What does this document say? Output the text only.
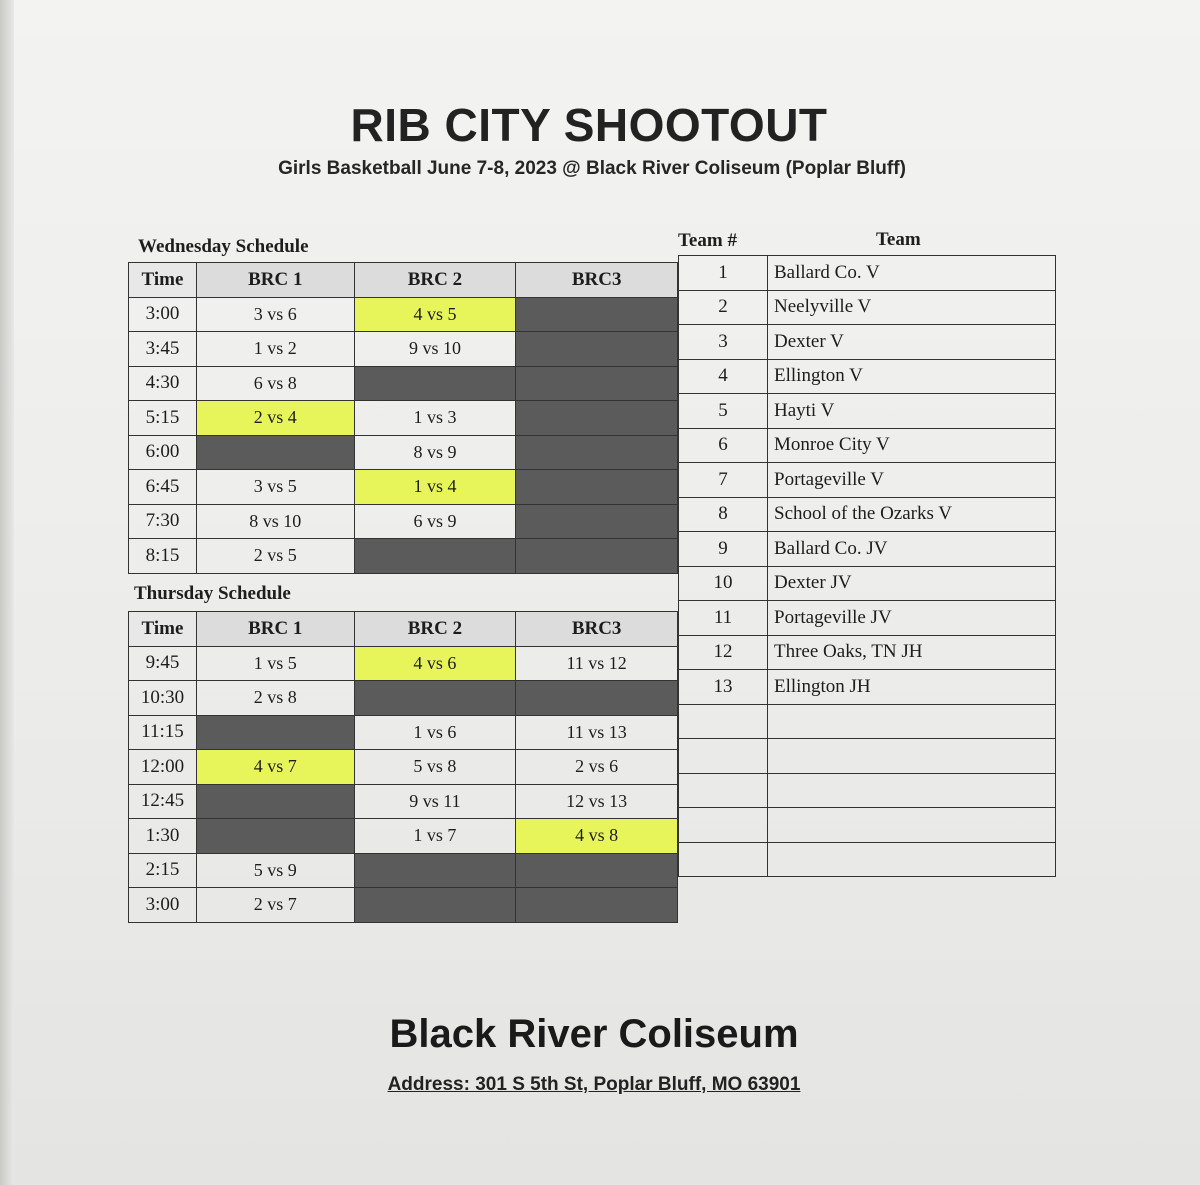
RIB CITY SHOOTOUT
Girls Basketball June 7-8, 2023 @ Black River Coliseum (Poplar Bluff)
Wednesday Schedule
Time	BRC 1	BRC 2	BRC3
3:00	3 vs 6	4 vs 5	
3:45	1 vs 2	9 vs 10	
4:30	6 vs 8		
5:15	2 vs 4	1 vs 3	
6:00		8 vs 9	
6:45	3 vs 5	1 vs 4	
7:30	8 vs 10	6 vs 9	
8:15	2 vs 5		
Thursday Schedule
Time	BRC 1	BRC 2	BRC3
9:45	1 vs 5	4 vs 6	11 vs 12
10:30	2 vs 8		
11:15		1 vs 6	11 vs 13
12:00	4 vs 7	5 vs 8	2 vs 6
12:45		9 vs 11	12 vs 13
1:30		1 vs 7	4 vs 8
2:15	5 vs 9		
3:00	2 vs 7		
Team #	Team
1	Ballard Co. V
2	Neelyville V
3	Dexter V
4	Ellington V
5	Hayti V
6	Monroe City V
7	Portageville V
8	School of the Ozarks V
9	Ballard Co. JV
10	Dexter JV
11	Portageville JV
12	Three Oaks, TN JH
13	Ellington JH

Black River Coliseum
Address: 301 S 5th St, Poplar Bluff, MO 63901
